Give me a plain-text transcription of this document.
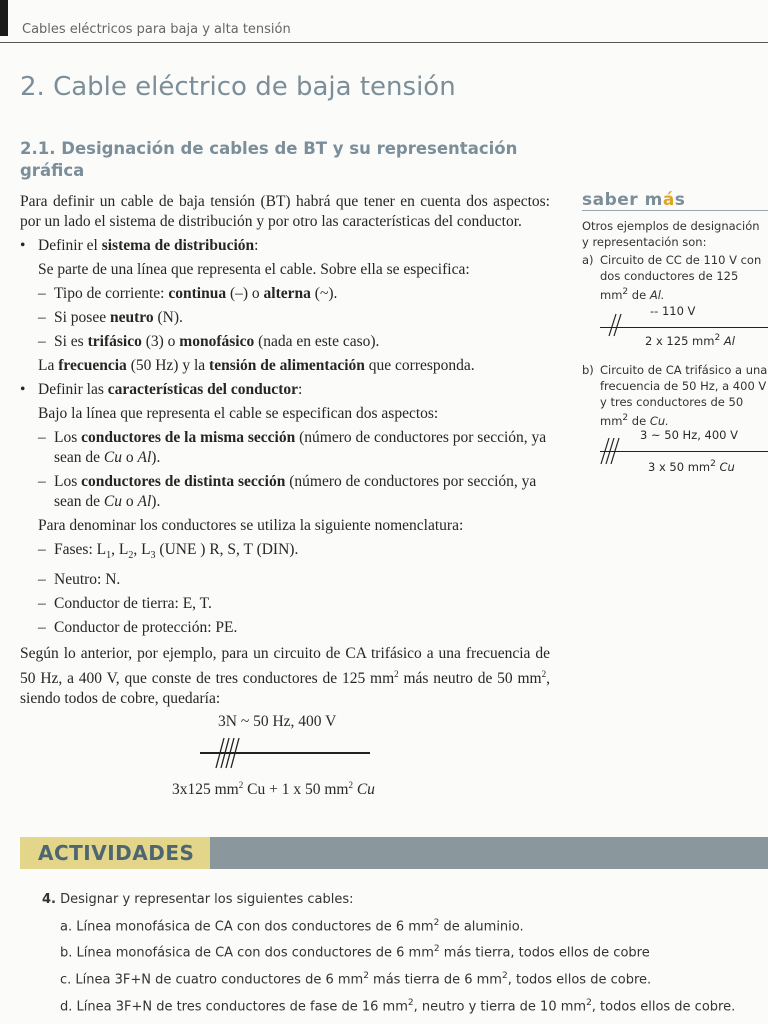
Cables eléctricos para baja y alta tensión
2. Cable eléctrico de baja tensión
2.1. Designación de cables de BT y su representación gráfica

Para definir un cable de baja tensión (BT) habrá que tener en cuenta dos aspectos: por un lado el sistema de distribución y por otro las características del conductor.

• Definir el sistema de distribución:
Se parte de una línea que representa el cable. Sobre ella se especifica:
– Tipo de corriente: continua (–) o alterna (~).
– Si posee neutro (N).
– Si es trifásico (3) o monofásico (nada en este caso).
La frecuencia (50 Hz) y la tensión de alimentación que corresponda.
• Definir las características del conductor:
Bajo la línea que representa el cable se especifican dos aspectos:
– Los conductores de la misma sección (número de conductores por sección, ya sean de Cu o Al).
– Los conductores de distinta sección (número de conductores por sección, ya sean de Cu o Al).
Para denominar los conductores se utiliza la siguiente nomenclatura:
– Fases: $L_1$, $L_2$, $L_3$ (UNE ) R, S, T (DIN).
– Neutro: N.
– Conductor de tierra: E, T.
– Conductor de protección: PE.

Según lo anterior, por ejemplo, para un circuito de CA trifásico a una frecuencia de 50 Hz, a 400 V, que conste de tres conductores de 125 $mm^2$ más neutro de 50 $mm^2$, siendo todos de cobre, quedaría:

3N ~ 50 Hz, 400 V
3x125 $mm^2$ Cu + 1 x 50 $mm^2$ Cu
saber más
Otros ejemplos de designación y representación son:
a) Circuito de CC de 110 V con dos conductores de 125 $mm^2$ de Al.
-- 110 V
2 x 125 $mm^2$ Al
b) Circuito de CA trifásico a una frecuencia de 50 Hz, a 400 V y tres conductores de 50 $mm^2$ de Cu.
3 ~ 50 Hz, 400 V
3 x 50 $mm^2$ Cu
ACTIVIDADES
4. Designar y representar los siguientes cables:
a. Línea monofásica de CA con dos conductores de 6 $mm^2$ de aluminio.
b. Línea monofásica de CA con dos conductores de 6 $mm^2$ más tierra, todos ellos de cobre
c. Línea 3F+N de cuatro conductores de 6 $mm^2$ más tierra de 6 $mm^2$, todos ellos de cobre.
d. Línea 3F+N de tres conductores de fase de 16 $mm^2$, neutro y tierra de 10 $mm^2$, todos ellos de cobre.
